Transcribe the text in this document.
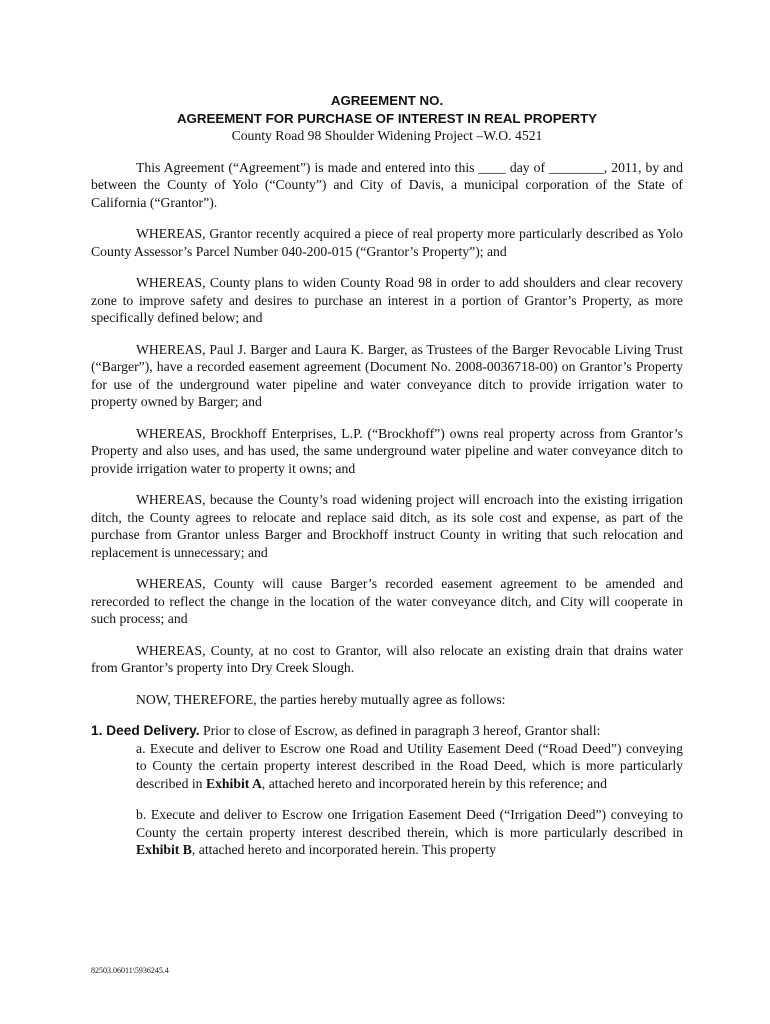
AGREEMENT NO.
AGREEMENT FOR PURCHASE OF INTEREST IN REAL PROPERTY
County Road 98 Shoulder Widening Project –W.O. 4521

This Agreement (“Agreement”) is made and entered into this ____ day of ________, 2011, by and between the County of Yolo (“County”) and City of Davis, a municipal corporation of the State of California (“Grantor”).

WHEREAS, Grantor recently acquired a piece of real property more particularly described as Yolo County Assessor’s Parcel Number 040-200-015 (“Grantor’s Property”); and

WHEREAS, County plans to widen County Road 98 in order to add shoulders and clear recovery zone to improve safety and desires to purchase an interest in a portion of Grantor’s Property, as more specifically defined below; and

WHEREAS, Paul J. Barger and Laura K. Barger, as Trustees of the Barger Revocable Living Trust (“Barger”), have a recorded easement agreement (Document No. 2008-0036718-00) on Grantor’s Property for use of the underground water pipeline and water conveyance ditch to provide irrigation water to property owned by Barger; and

WHEREAS, Brockhoff Enterprises, L.P. (“Brockhoff”) owns real property across from Grantor’s Property and also uses, and has used, the same underground water pipeline and water conveyance ditch to provide irrigation water to property it owns; and

WHEREAS, because the County’s road widening project will encroach into the existing irrigation ditch, the County agrees to relocate and replace said ditch, as its sole cost and expense, as part of the purchase from Grantor unless Barger and Brockhoff instruct County in writing that such relocation and replacement is unnecessary; and

WHEREAS, County will cause Barger’s recorded easement agreement to be amended and rerecorded to reflect the change in the location of the water conveyance ditch, and City will cooperate in such process; and

WHEREAS, County, at no cost to Grantor, will also relocate an existing drain that drains water from Grantor’s property into Dry Creek Slough.

NOW, THEREFORE, the parties hereby mutually agree as follows:

1. Deed Delivery. Prior to close of Escrow, as defined in paragraph 3 hereof, Grantor shall:
a. Execute and deliver to Escrow one Road and Utility Easement Deed (“Road Deed”) conveying to County the certain property interest described in the Road Deed, which is more particularly described in Exhibit A, attached hereto and incorporated herein by this reference; and
b. Execute and deliver to Escrow one Irrigation Easement Deed (“Irrigation Deed”) conveying to County the certain property interest described therein, which is more particularly described in Exhibit B, attached hereto and incorporated herein. This property
82503.06011\5936245.4
